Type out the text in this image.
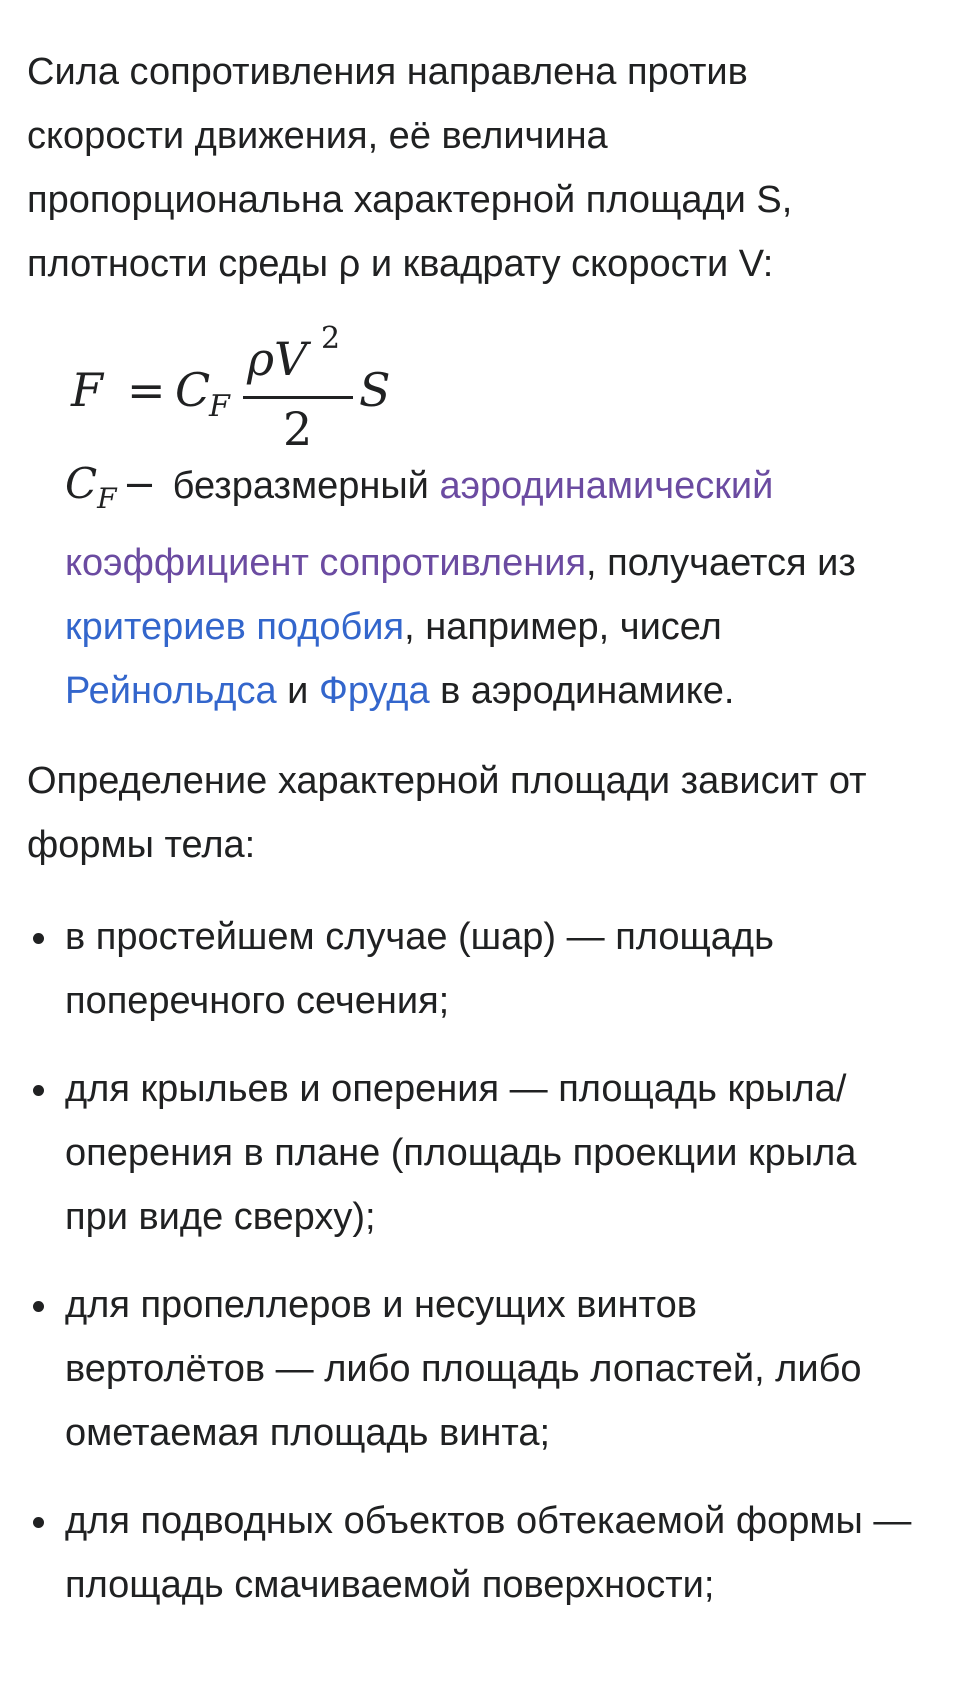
Сила сопротивления направлена против
скорости движения, её величина
пропорциональна характерной площади S,
плотности среды ρ и квадрату скорости V:

F = C
F
ρV 2
2
S

$C_F$ − безразмерный аэродинамический
коэффициент сопротивления, получается из
критериев подобия, например, чисел
Рейнольдса и Фруда в аэродинамике.

Определение характерной площади зависит от
формы тела:

в простейшем случае (шар) — площадь
поперечного сечения;
для крыльев и оперения — площадь крыла/
оперения в плане (площадь проекции крыла
при виде сверху);
для пропеллеров и несущих винтов
вертолётов — либо площадь лопастей, либо
ометаемая площадь винта;
для подводных объектов обтекаемой формы —
площадь смачиваемой поверхности;
